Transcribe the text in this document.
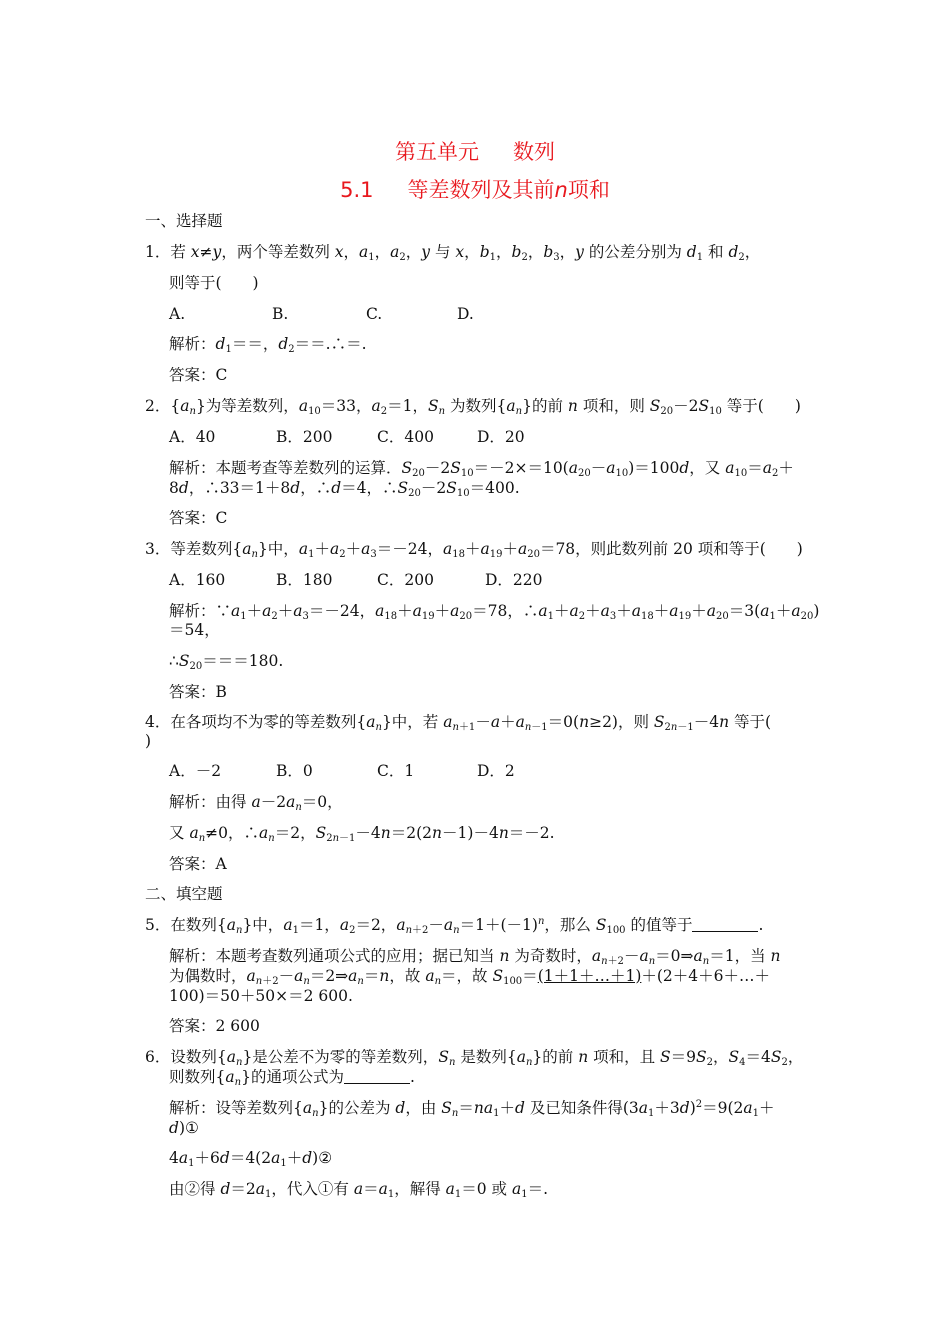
第五单元 数列
5.1 等差数列及其前n项和
一、选择题
1．若 x≠y，两个等差数列 x，$a_1$，$a_2$，y 与 x，$b_1$，$b_2$，$b_3$，y 的公差分别为 $d_1$ 和 $d_2$，
则等于(　　)
A.	B.	C.	D.
解析：$d_1==$，$d_2==.\therefore=$.
答案：C
2．$\{a_n\}$为等差数列，$a_{10}=33$，$a_2=1$，$S_n$ 为数列$\{a_n\}$的前 n 项和，则 $S_{20}-2S_{10}$ 等于(　　)
A．40	B．200	C．400	D．20
解析：本题考查等差数列的运算．$S_{20}-2S_{10}=-2\times=10(a_{20}-a_{10})=100d$，又 $a_{10}=a_2+$
8d，∴33＝1＋8d，∴d＝4，$\therefore S_{20}-2S_{10}=400$.
答案：C
3．等差数列$\{a_n\}$中，$a_1+a_2+a_3=-24$，$a_{18}+a_{19}+a_{20}=78$，则此数列前 20 项和等于(　　)
A．160	B．180	C．200	D．220
解析：$\because a_1+a_2+a_3=-24$，$a_{18}+a_{19}+a_{20}=78$，$\therefore a_1+a_2+a_3+a_{18}+a_{19}+a_{20}=3(a_1+a_{20})$
＝54，
$\therefore S_{20}===180$.
答案：B
4．在各项均不为零的等差数列$\{a_n\}$中，若 $a_{n+1}-a+a_{n-1}=0(n\ge 2)$，则 $S_{2n-1}-4n$ 等于(
)
A．－2	B．0	C．1	D．2
解析：由得 $a-2a_n=0$，
又 $a_n\ne 0$，$\therefore a_n=2$，$S_{2n-1}-4n=2(2n-1)-4n=-2$.
答案：A
二、填空题
5．在数列$\{a_n\}$中，$a_1=1$，$a_2=2$，$a_{n+2}-a_n=1+(-1)^n$，那么 $S_{100}$ 的值等于	.
解析：本题考查数列通项公式的应用；据已知当 n 为奇数时，$a_{n+2}-a_n=0\Rightarrow a_n=1$，当 n
为偶数时，$a_{n+2}-a_n=2\Rightarrow a_n=n$，故 $a_n=$，故 $S_{100}=(1+1+\dots+1)+(2+4+6+\dots+$
100)＝50＋50×＝2 600.
答案：2 600
6．设数列$\{a_n\}$是公差不为零的等差数列，$S_n$ 是数列$\{a_n\}$的前 n 项和，且 $S=9S_2$，$S_4=4S_2$，
则数列$\{a_n\}$的通项公式为	.
解析：设等差数列$\{a_n\}$的公差为 d，由 $S_n=na_1+d$ 及已知条件得$(3a_1+3d)^2=9(2a_1+$
d)①
$4a_1+6d=4(2a_1+d)②$
由②得 $d=2a_1$，代入①有 $a=a_1$，解得 $a_1=0$ 或 $a_1=$.
